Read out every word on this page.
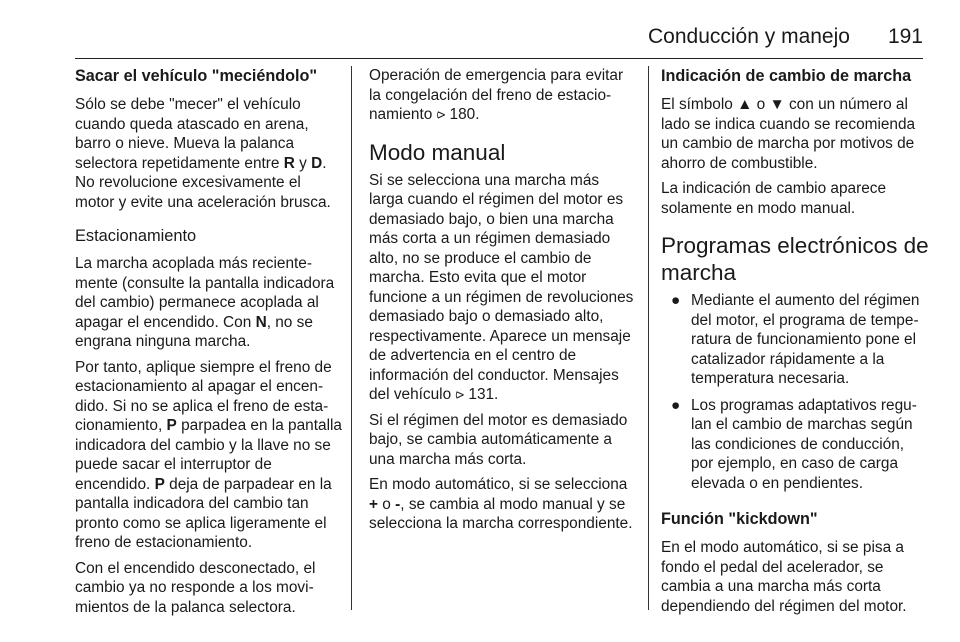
Conducción y manejo 191
Sacar el vehículo "meciéndolo"

Sólo se debe "mecer" el vehículo cuando queda atascado en arena, barro o nieve. Mueva la palanca selectora repetidamente entre R y D. No revolucione excesivamente el motor y evite una aceleración brusca.

Estacionamiento

La marcha acoplada más recientemente (consulte la pantalla indicadora del cambio) permanece acoplada al apagar el encendido. Con N, no se engrana ninguna marcha.

Por tanto, aplique siempre el freno de estacionamiento al apagar el encendido. Si no se aplica el freno de estacionamiento, P parpadea en la pantalla indicadora del cambio y la llave no se puede sacar el interruptor de encendido. P deja de parpadear en la pantalla indicadora del cambio tan pronto como se aplica ligeramente el freno de estacionamiento.

Con el encendido desconectado, el cambio ya no responde a los movimientos de la palanca selectora.

Operación de emergencia para evitar la congelación del freno de estacionamiento ⪧ 180.

Modo manual

Si se selecciona una marcha más larga cuando el régimen del motor es demasiado bajo, o bien una marcha más corta a un régimen demasiado alto, no se produce el cambio de marcha. Esto evita que el motor funcione a un régimen de revoluciones demasiado bajo o demasiado alto, respectivamente. Aparece un mensaje de advertencia en el centro de información del conductor. Mensajes del vehículo ⪧ 131.

Si el régimen del motor es demasiado bajo, se cambia automáticamente a una marcha más corta.

En modo automático, si se selecciona + o -, se cambia al modo manual y se selecciona la marcha correspondiente.

Indicación de cambio de marcha

El símbolo ▲ o ▼ con un número al lado se indica cuando se recomienda un cambio de marcha por motivos de ahorro de combustible.

La indicación de cambio aparece solamente en modo manual.

Programas electrónicos de marcha
● Mediante el aumento del régimen del motor, el programa de temperatura de funcionamiento pone el catalizador rápidamente a la temperatura necesaria.
● Los programas adaptativos regulan el cambio de marchas según las condiciones de conducción, por ejemplo, en caso de carga elevada o en pendientes.
Función "kickdown"

En el modo automático, si se pisa a fondo el pedal del acelerador, se cambia a una marcha más corta dependiendo del régimen del motor.
